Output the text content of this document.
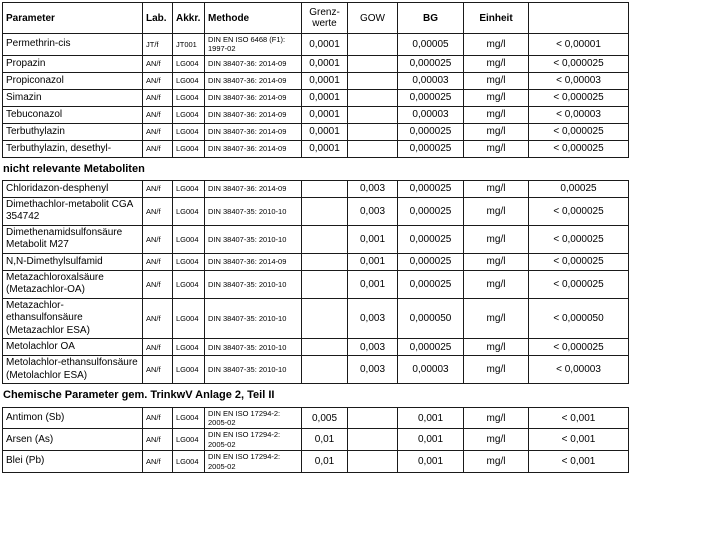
Parameter	Lab.	Akkr.	Methode	Grenz- werte	GOW	BG	Einheit	
Permethrin-cis	JT/f	JT001	DIN EN ISO 6468 (F1): 1997-02	0,0001		0,00005	mg/l	< 0,00001
Propazin	AN/f	LG004	DIN 38407-36: 2014-09	0,0001		0,000025	mg/l	< 0,000025
Propiconazol	AN/f	LG004	DIN 38407-36: 2014-09	0,0001		0,00003	mg/l	< 0,00003
Simazin	AN/f	LG004	DIN 38407-36: 2014-09	0,0001		0,000025	mg/l	< 0,000025
Tebuconazol	AN/f	LG004	DIN 38407-36: 2014-09	0,0001		0,00003	mg/l	< 0,00003
Terbuthylazin	AN/f	LG004	DIN 38407-36: 2014-09	0,0001		0,000025	mg/l	< 0,000025
Terbuthylazin, desethyl-	AN/f	LG004	DIN 38407-36: 2014-09	0,0001		0,000025	mg/l	< 0,000025
nicht relevante Metaboliten
Chloridazon-desphenyl	AN/f	LG004	DIN 38407-36: 2014-09		0,003	0,000025	mg/l	0,00025
Dimethachlor-metabolit CGA 354742	AN/f	LG004	DIN 38407-35: 2010-10		0,003	0,000025	mg/l	< 0,000025
Dimethenamidsulfonsäure Metabolit M27	AN/f	LG004	DIN 38407-35: 2010-10		0,001	0,000025	mg/l	< 0,000025
N,N-Dimethylsulfamid	AN/f	LG004	DIN 38407-36: 2014-09		0,001	0,000025	mg/l	< 0,000025
Metazachloroxalsäure (Metazachlor-OA)	AN/f	LG004	DIN 38407-35: 2010-10		0,001	0,000025	mg/l	< 0,000025
Metazachlor-ethansulfonsäure (Metazachlor ESA)	AN/f	LG004	DIN 38407-35: 2010-10		0,003	0,000050	mg/l	< 0,000050
Metolachlor OA	AN/f	LG004	DIN 38407-35: 2010-10		0,003	0,000025	mg/l	< 0,000025
Metolachlor-ethansulfonsäure (Metolachlor ESA)	AN/f	LG004	DIN 38407-35: 2010-10		0,003	0,00003	mg/l	< 0,00003
Chemische Parameter gem. TrinkwV Anlage 2, Teil II
Antimon (Sb)	AN/f	LG004	DIN EN ISO 17294-2: 2005-02	0,005		0,001	mg/l	< 0,001
Arsen (As)	AN/f	LG004	DIN EN ISO 17294-2: 2005-02	0,01		0,001	mg/l	< 0,001
Blei (Pb)	AN/f	LG004	DIN EN ISO 17294-2: 2005-02	0,01		0,001	mg/l	< 0,001
